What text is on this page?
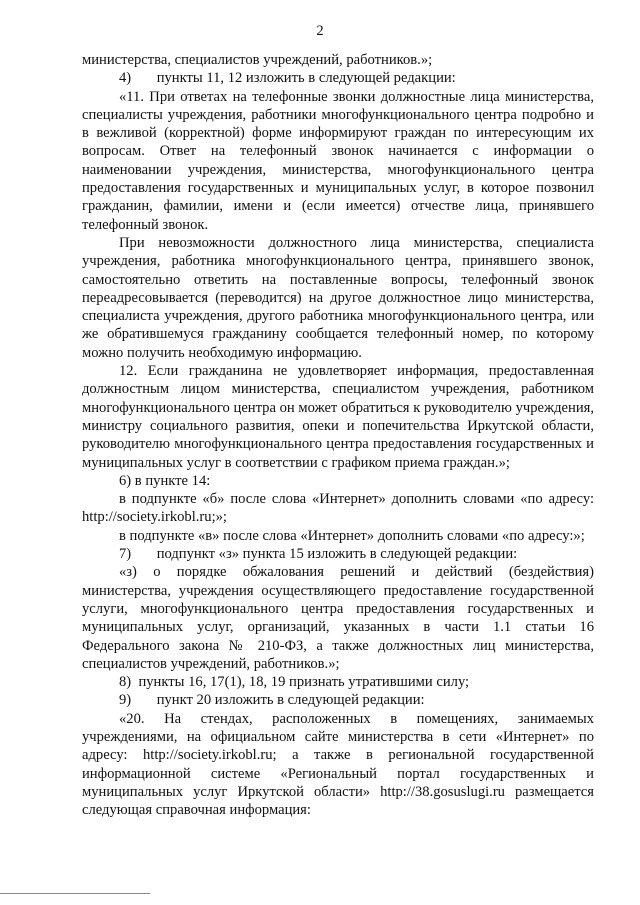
2

министерства, специалистов учреждений, работников.»;

4)       пункты 11, 12 изложить в следующей редакции:

«11. При ответах на телефонные звонки должностные лица министерства, специалисты учреждения, работники многофункционального центра подробно и в вежливой (корректной) форме информируют граждан по интересующим их вопросам. Ответ на телефонный звонок начинается с информации о наименовании учреждения, министерства, многофункционального центра предоставления государственных и муниципальных услуг, в которое позвонил гражданин, фамилии, имени и (если имеется) отчестве лица, принявшего телефонный звонок.

При невозможности должностного лица министерства, специалиста учреждения, работника многофункционального центра, принявшего звонок, самостоятельно ответить на поставленные вопросы, телефонный звонок переадресовывается (переводится) на другое должностное лицо министерства, специалиста учреждения, другого работника многофункционального центра, или же обратившемуся гражданину сообщается телефонный номер, по которому можно получить необходимую информацию.

12. Если гражданина не удовлетворяет информация, предоставленная должностным лицом министерства, специалистом учреждения, работником многофункционального центра он может обратиться к руководителю учреждения, министру социального развития, опеки и попечительства Иркутской области, руководителю многофункционального центра предоставления государственных и муниципальных услуг в соответствии с графиком приема граждан.»;

6) в пункте 14:

в подпункте «б» после слова «Интернет» дополнить словами «по адресу: http://society.irkobl.ru;»;

в подпункте «в» после слова «Интернет» дополнить словами «по адресу:»;

7)       подпункт «з» пункта 15 изложить в следующей редакции:

«з) о порядке обжалования решений и действий (бездействия) министерства, учреждения осуществляющего предоставление государственной услуги, многофункционального центра предоставления государственных и муниципальных услуг, организаций, указанных в части 1.1 статьи 16 Федерального закона № 210-ФЗ, а также должностных лиц министерства, специалистов учреждений, работников.»;

8)  пункты 16, 17(1), 18, 19 признать утратившими силу;

9)       пункт 20 изложить в следующей редакции:

«20. На стендах, расположенных в помещениях, занимаемых учреждениями, на официальном сайте министерства в сети «Интернет» по адресу: http://society.irkobl.ru; а также в региональной государственной информационной системе «Региональный портал государственных и муниципальных услуг Иркутской области» http://38.gosuslugi.ru размещается следующая справочная информация:
